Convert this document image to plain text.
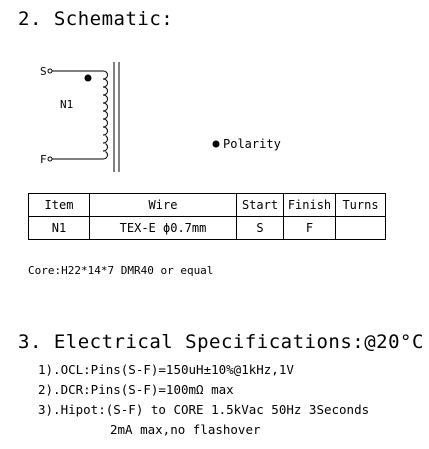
2. Schematic:
S
F
N1
Polarity
Item	Wire	Start	Finish	Turns
N1	TEX-E ϕ0.7mm	S	F	
Core:H22*14*7 DMR40 or equal
3. Electrical Specifications:@20°C
1).OCL:Pins(S-F)=150uH±10%@1kHz,1V
2).DCR:Pins(S-F)=100mΩ max
3).Hipot:(S-F) to CORE 1.5kVac 50Hz 3Seconds
2mA max,no flashover
